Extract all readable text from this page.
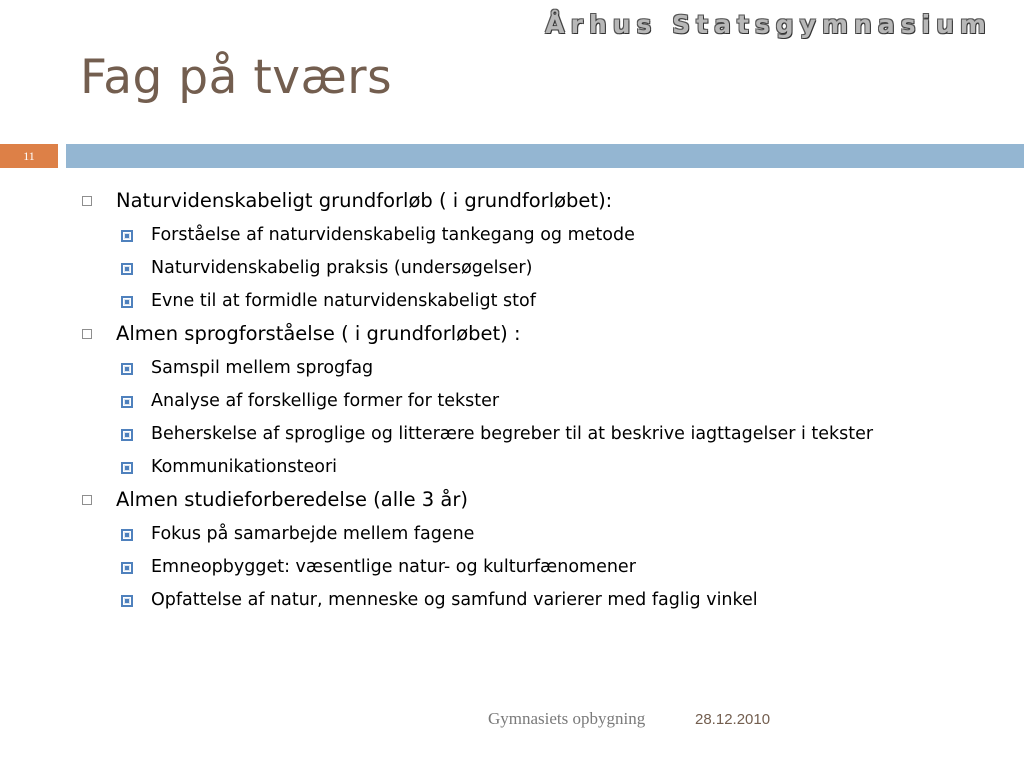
Århus Statsgymnasium
Fag på tværs
11
Naturvidenskabeligt grundforløb ( i grundforløbet):
Forståelse af naturvidenskabelig tankegang og metode
Naturvidenskabelig praksis (undersøgelser)
Evne til at formidle naturvidenskabeligt stof
Almen sprogforståelse ( i grundforløbet) :
Samspil mellem sprogfag
Analyse af forskellige former for tekster
Beherskelse af sproglige og litterære begreber til at beskrive iagttagelser i tekster
Kommunikationsteori
Almen studieforberedelse (alle 3 år)
Fokus på samarbejde mellem fagene
Emneopbygget: væsentlige natur- og kulturfænomener
Opfattelse af natur, menneske og samfund varierer med faglig vinkel
Gymnasiets opbygning	28.12.2010
